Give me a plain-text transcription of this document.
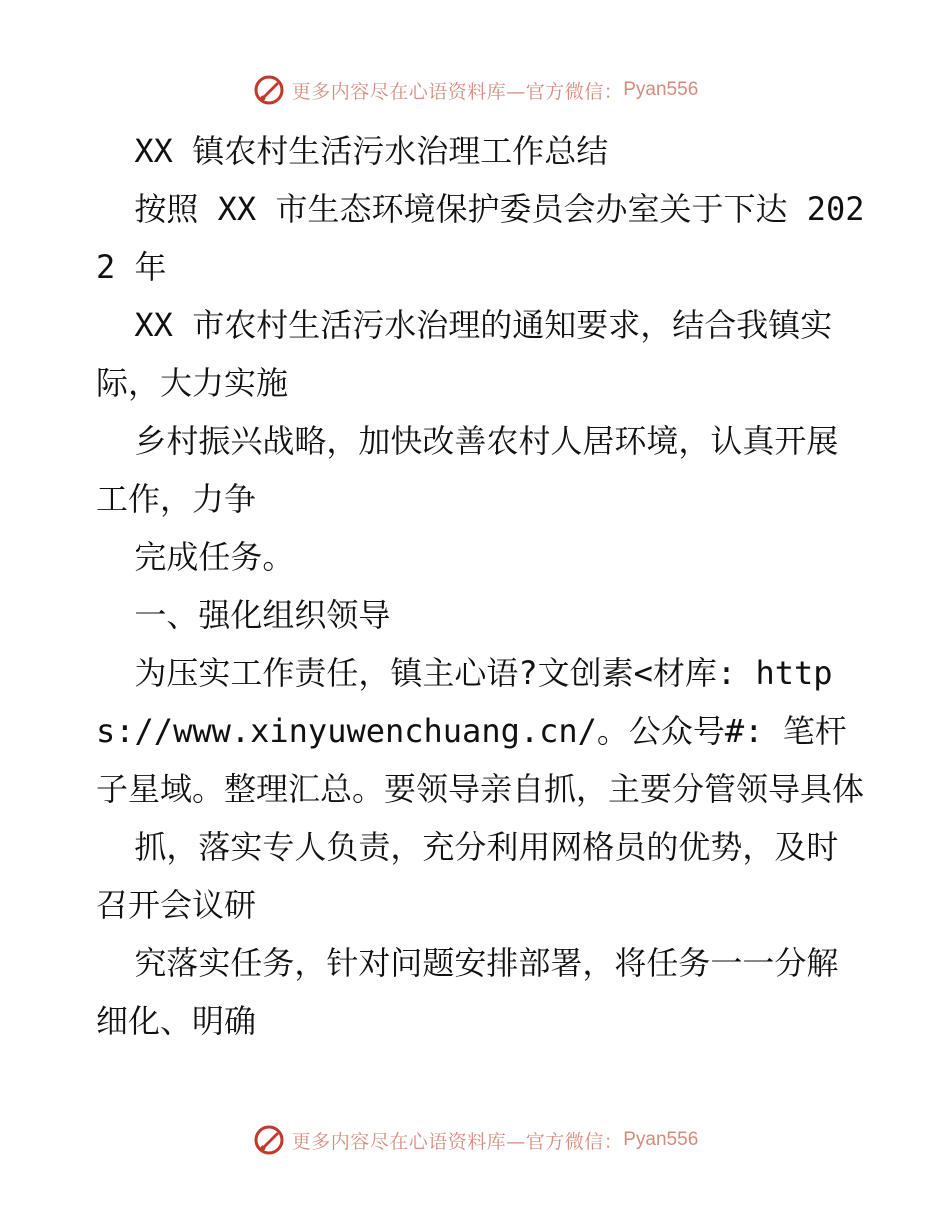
更多内容尽在心语资料库—官方微信： Pyan556

XX 镇农村生活污水治理工作总结

按照 XX 市生态环境保护委员会办室关于下达 2022 年

XX 市农村生活污水治理的通知要求，结合我镇实际，大力实施

乡村振兴战略，加快改善农村人居环境，认真开展工作，力争

完成任务。

一、强化组织领导

为压实工作责任，镇主心语?文创素<材库: https://www.xinyuwenchuang.cn/。公众号#: 笔杆子星域。整理汇总。要领导亲自抓，主要分管领导具体

抓，落实专人负责，充分利用网格员的优势，及时召开会议研

究落实任务，针对问题安排部署，将任务一一分解细化、明确

更多内容尽在心语资料库—官方微信： Pyan556
